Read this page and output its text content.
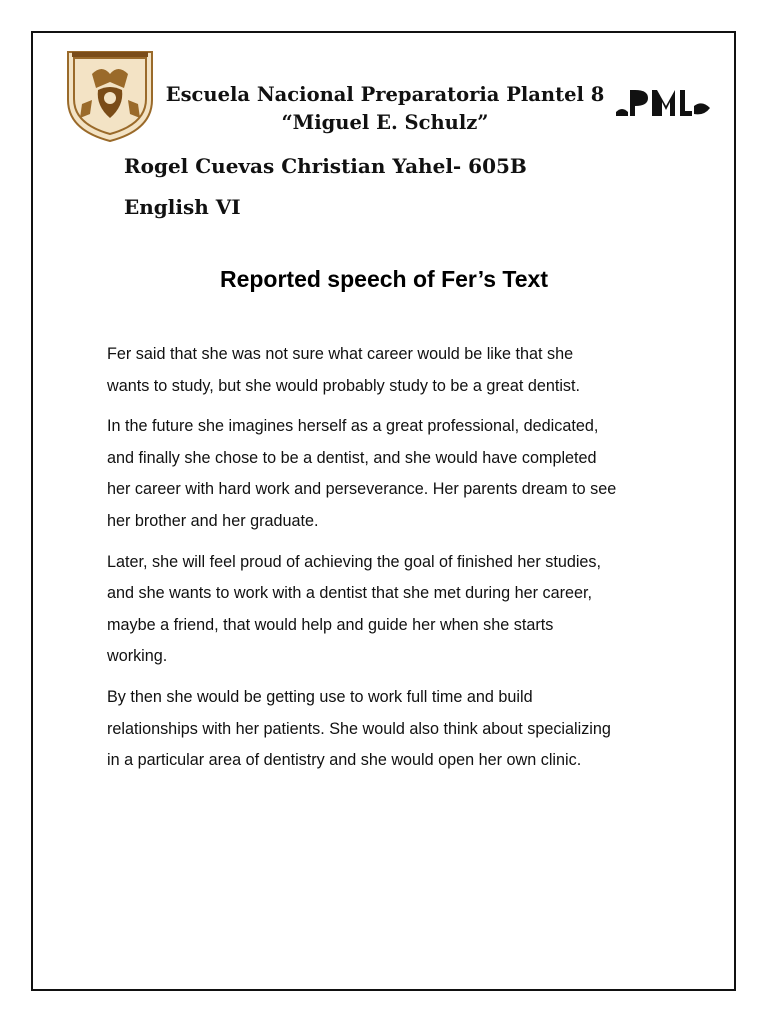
Escuela Nacional Preparatoria Plantel 8
“Miguel E. Schulz”
Rogel Cuevas Christian Yahel- 605B
English VI
Reported speech of Fer’s Text

Fer said that she was not sure what career would be like that she
wants to study, but she would probably study to be a great dentist.

In the future she imagines herself as a great professional, dedicated,
and finally she chose to be a dentist, and she would have completed
her career with hard work and perseverance. Her parents dream to see
her brother and her graduate.

Later, she will feel proud of achieving the goal of finished her studies,
and she wants to work with a dentist that she met during her career,
maybe a friend, that would help and guide her when she starts
working.

By then she would be getting use to work full time and build
relationships with her patients. She would also think about specializing
in a particular area of dentistry and she would open her own clinic.
